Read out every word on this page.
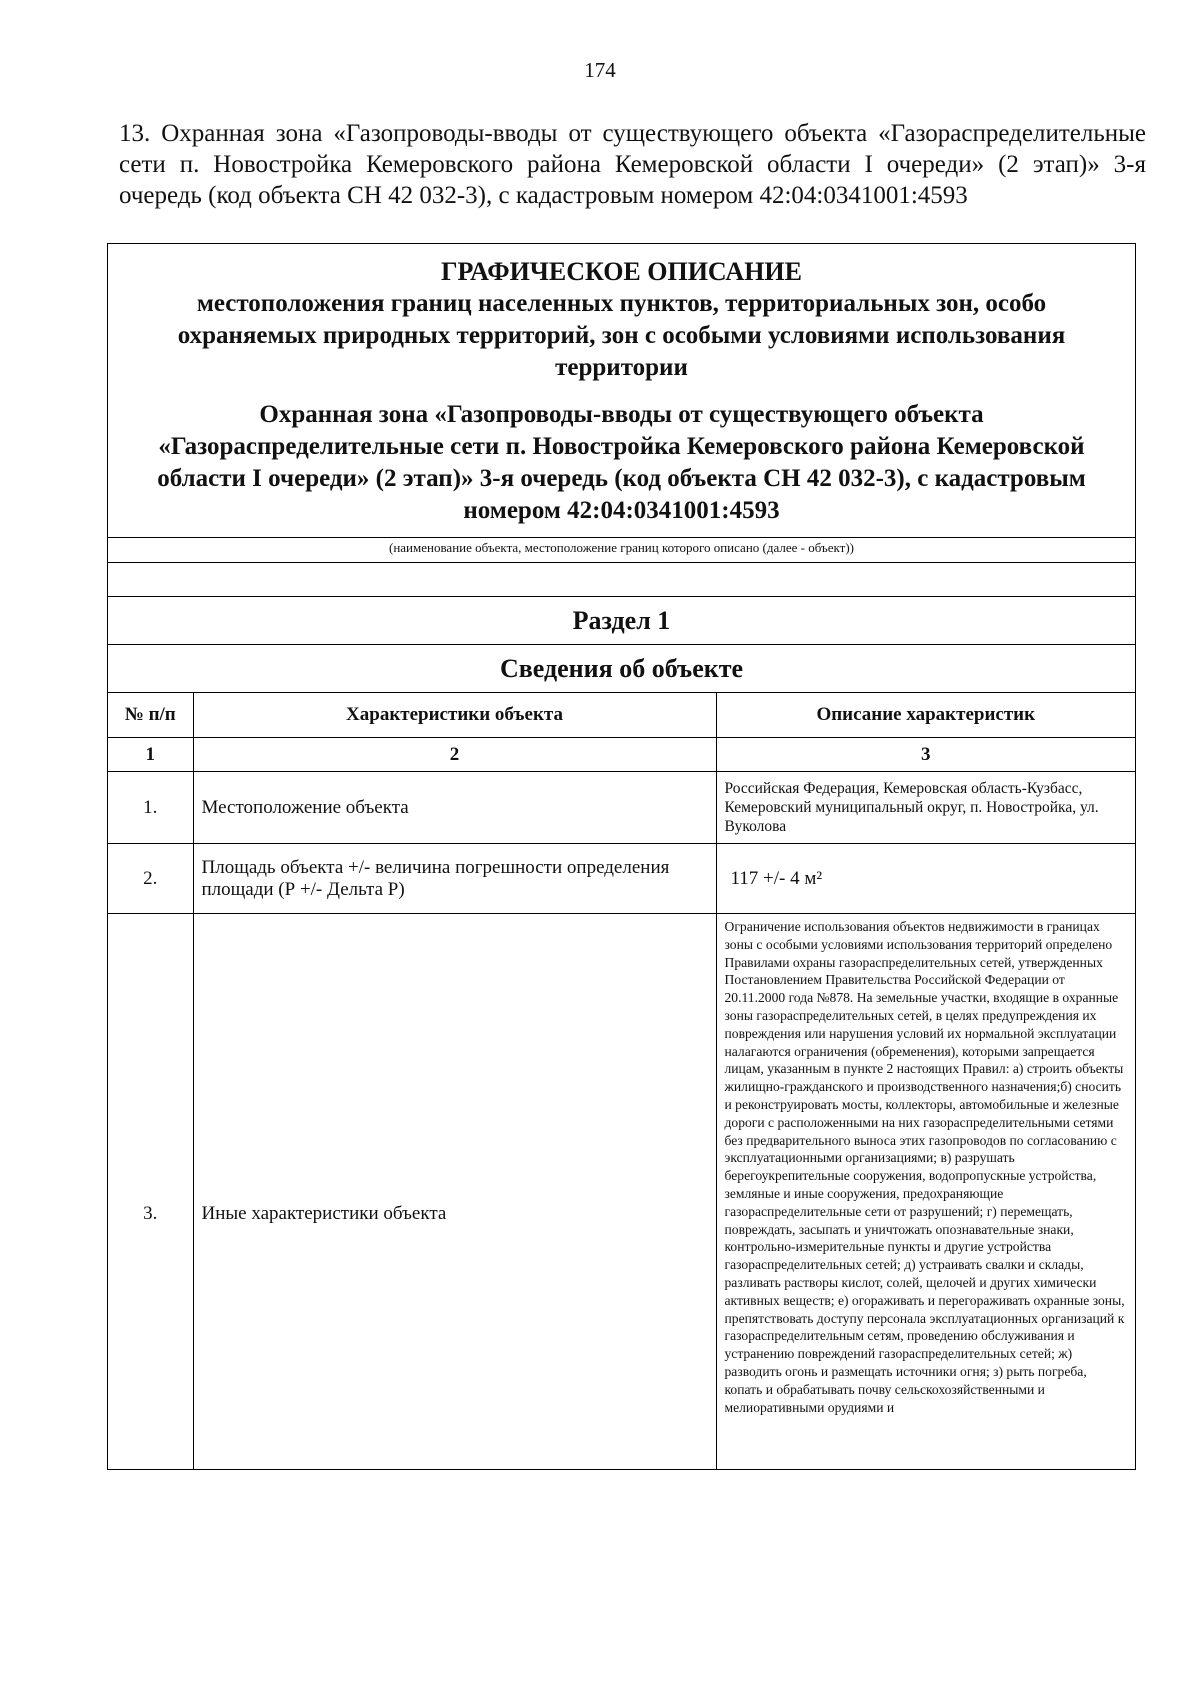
174
13. Охранная зона «Газопроводы-вводы от существующего объекта «Газораспределительные сети п. Новостройка Кемеровского района Кемеровской области I очереди» (2 этап)» 3-я очередь (код объекта СН 42 032-3), с кадастровым номером 42:04:0341001:4593
ГРАФИЧЕСКОЕ ОПИСАНИЕ
местоположения границ населенных пунктов, территориальных зон, особо охраняемых природных территорий, зон с особыми условиями использования территории
Охранная зона «Газопроводы-вводы от существующего объекта «Газораспределительные сети п. Новостройка Кемеровского района Кемеровской области I очереди» (2 этап)» 3-я очередь (код объекта СН 42 032-3), с кадастровым номером 42:04:0341001:4593
(наименование объекта, местоположение границ которого описано (далее - объект))
Раздел 1
Сведения об объекте
№ п/п	Характеристики объекта	Описание характеристик
1	2	3
1.	Местоположение объекта	Российская Федерация, Кемеровская область-Кузбасс, Кемеровский муниципальный округ, п. Новостройка, ул. Вуколова
2.	Площадь объекта +/- величина погрешности определения площади (Р +/- Дельта Р)	117 +/- 4 м²
3.	Иные характеристики объекта	Ограничение использования объектов недвижимости в границах зоны с особыми условиями использования территорий определено Правилами охраны газораспределительных сетей, утвержденных Постановлением Правительства Российской Федерации от 20.11.2000 года №878. На земельные участки, входящие в охранные зоны газораспределительных сетей, в целях предупреждения их повреждения или нарушения условий их нормальной эксплуатации налагаются ограничения (обременения), которыми запрещается лицам, указанным в пункте 2 настоящих Правил: а) строить объекты жилищно-гражданского и производственного назначения;б) сносить и реконструировать мосты, коллекторы, автомобильные и железные дороги с расположенными на них газораспределительными сетями без предварительного выноса этих газопроводов по согласованию с эксплуатационными организациями; в) разрушать берегоукрепительные сооружения, водопропускные устройства, земляные и иные сооружения, предохраняющие газораспределительные сети от разрушений; г) перемещать, повреждать, засыпать и уничтожать опознавательные знаки, контрольно-измерительные пункты и другие устройства газораспределительных сетей; д) устраивать свалки и склады, разливать растворы кислот, солей, щелочей и других химически активных веществ; е) огораживать и перегораживать охранные зоны, препятствовать доступу персонала эксплуатационных организаций к газораспределительным сетям, проведению обслуживания и устранению повреждений газораспределительных сетей; ж) разводить огонь и размещать источники огня; з) рыть погреба, копать и обрабатывать почву сельскохозяйственными и мелиоративными орудиями и
